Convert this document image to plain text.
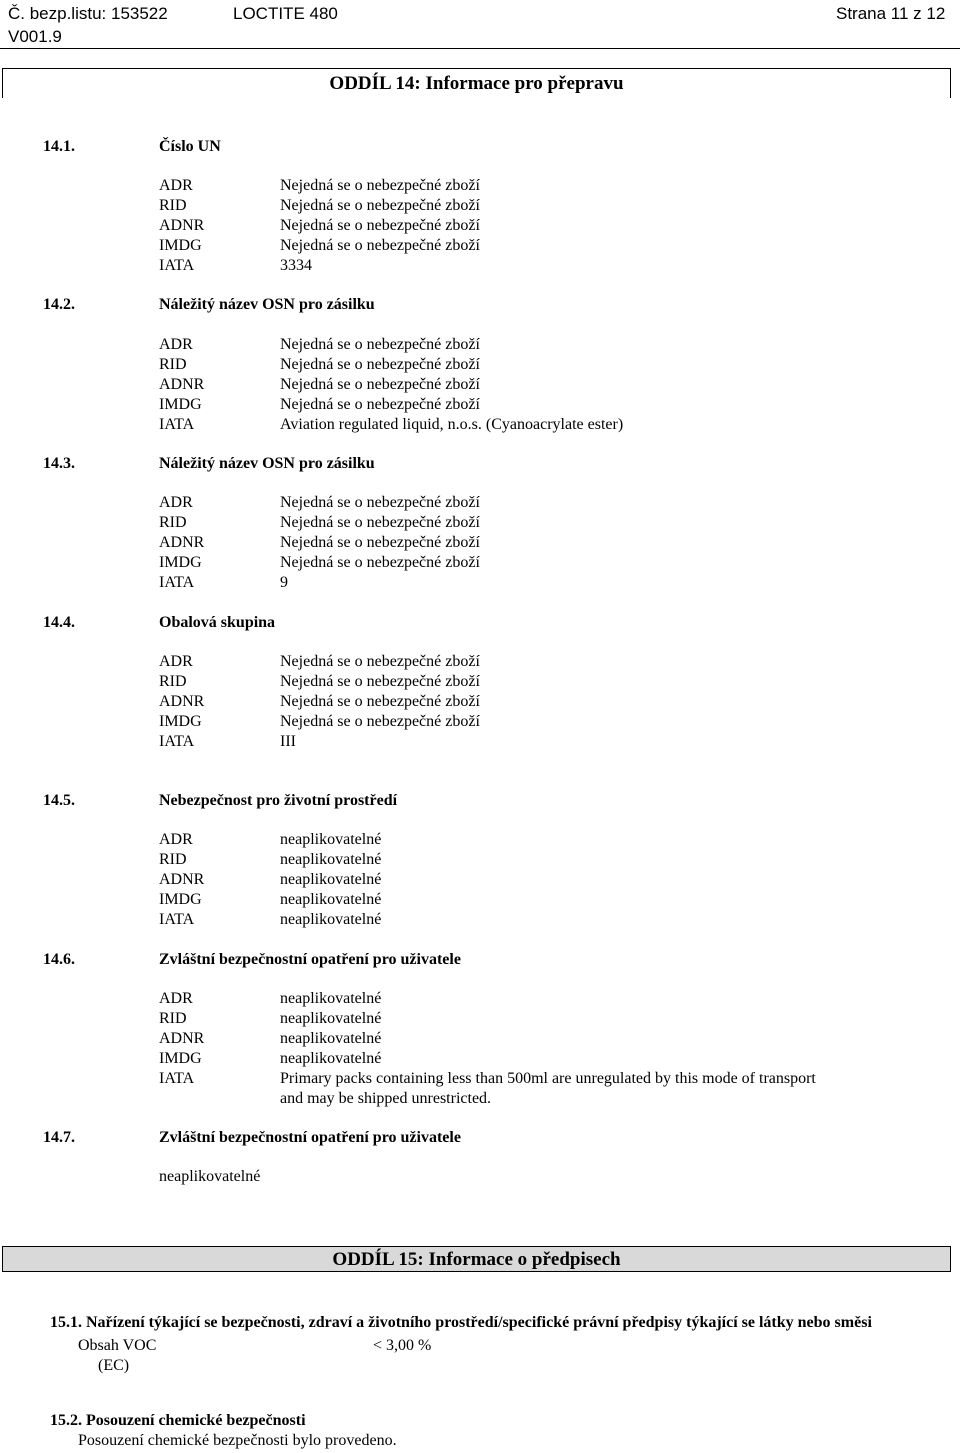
Č. bezp.listu: 153522	LOCTITE 480	Strana 11 z 12
V001.9
ODDÍL 14: Informace pro přepravu
14.1.	Číslo UN
ADR	Nejedná se o nebezpečné zboží
RID	Nejedná se o nebezpečné zboží
ADNR	Nejedná se o nebezpečné zboží
IMDG	Nejedná se o nebezpečné zboží
IATA	3334
14.2.	Náležitý název OSN pro zásilku
ADR	Nejedná se o nebezpečné zboží
RID	Nejedná se o nebezpečné zboží
ADNR	Nejedná se o nebezpečné zboží
IMDG	Nejedná se o nebezpečné zboží
IATA	Aviation regulated liquid, n.o.s. (Cyanoacrylate ester)
14.3.	Náležitý název OSN pro zásilku
ADR	Nejedná se o nebezpečné zboží
RID	Nejedná se o nebezpečné zboží
ADNR	Nejedná se o nebezpečné zboží
IMDG	Nejedná se o nebezpečné zboží
IATA	9
14.4.	Obalová skupina
ADR	Nejedná se o nebezpečné zboží
RID	Nejedná se o nebezpečné zboží
ADNR	Nejedná se o nebezpečné zboží
IMDG	Nejedná se o nebezpečné zboží
IATA	III
14.5.	Nebezpečnost pro životní prostředí
ADR	neaplikovatelné
RID	neaplikovatelné
ADNR	neaplikovatelné
IMDG	neaplikovatelné
IATA	neaplikovatelné
14.6.	Zvláštní bezpečnostní opatření pro uživatele
ADR	neaplikovatelné
RID	neaplikovatelné
ADNR	neaplikovatelné
IMDG	neaplikovatelné
IATA	Primary packs containing less than 500ml are unregulated by this mode of transport
and may be shipped unrestricted.
14.7.	Zvláštní bezpečnostní opatření pro uživatele
neaplikovatelné
ODDÍL 15: Informace o předpisech
15.1. Nařízení týkající se bezpečnosti, zdraví a životního prostředí/specifické právní předpisy týkající se látky nebo směsi
Obsah VOC	< 3,00 %
(EC)
15.2. Posouzení chemické bezpečnosti
Posouzení chemické bezpečnosti bylo provedeno.
